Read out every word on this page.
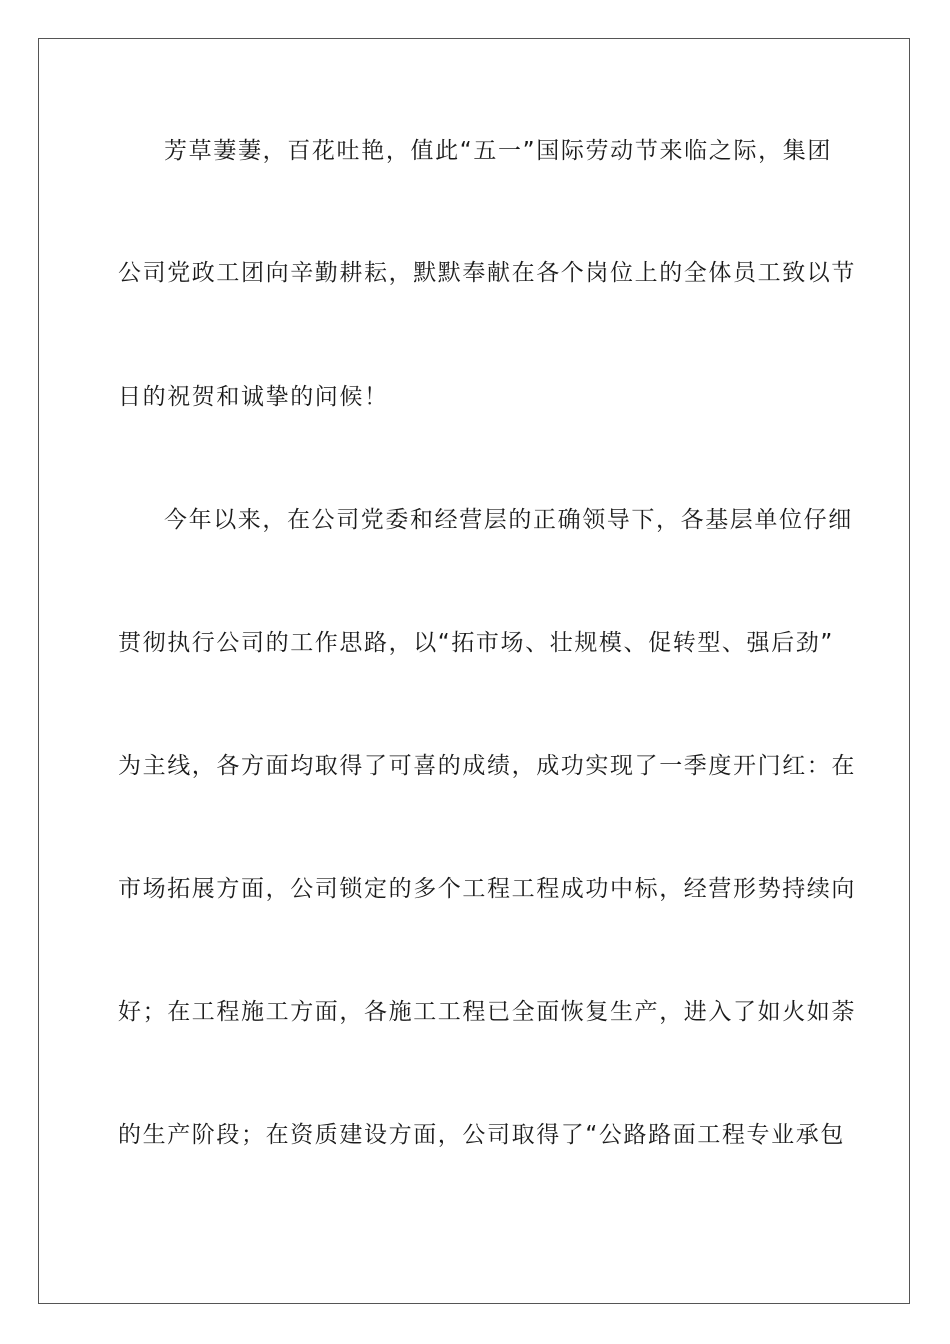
芳草萋萋，百花吐艳，值此“五一”国际劳动节来临之际，集团
公司党政工团向辛勤耕耘，默默奉献在各个岗位上的全体员工致以节
日的祝贺和诚挚的问候！
今年以来，在公司党委和经营层的正确领导下，各基层单位仔细
贯彻执行公司的工作思路，以“拓市场、壮规模、促转型、强后劲”
为主线，各方面均取得了可喜的成绩，成功实现了一季度开门红：在
市场拓展方面，公司锁定的多个工程工程成功中标，经营形势持续向
好；在工程施工方面，各施工工程已全面恢复生产，进入了如火如荼
的生产阶段；在资质建设方面，公司取得了“公路路面工程专业承包
